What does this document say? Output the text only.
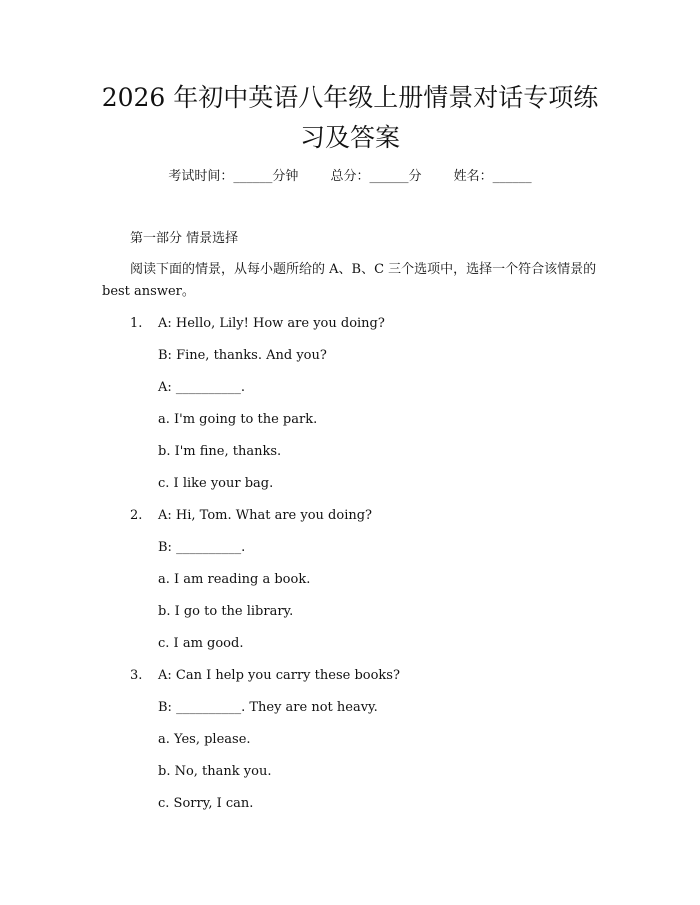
2026 年初中英语八年级上册情景对话专项练
习及答案
考试时间：______分钟 总分：______分 姓名：______
第一部分 情景选择
阅读下面的情景，从每小题所给的 A、B、C 三个选项中，选择一个符合该情景的 best answer。
1. A: Hello, Lily! How are you doing?
B: Fine, thanks. And you?
A: __________.
a. I'm going to the park.
b. I'm fine, thanks.
c. I like your bag.
2. A: Hi, Tom. What are you doing?
B: __________.
a. I am reading a book.
b. I go to the library.
c. I am good.
3. A: Can I help you carry these books?
B: __________. They are not heavy.
a. Yes, please.
b. No, thank you.
c. Sorry, I can.
